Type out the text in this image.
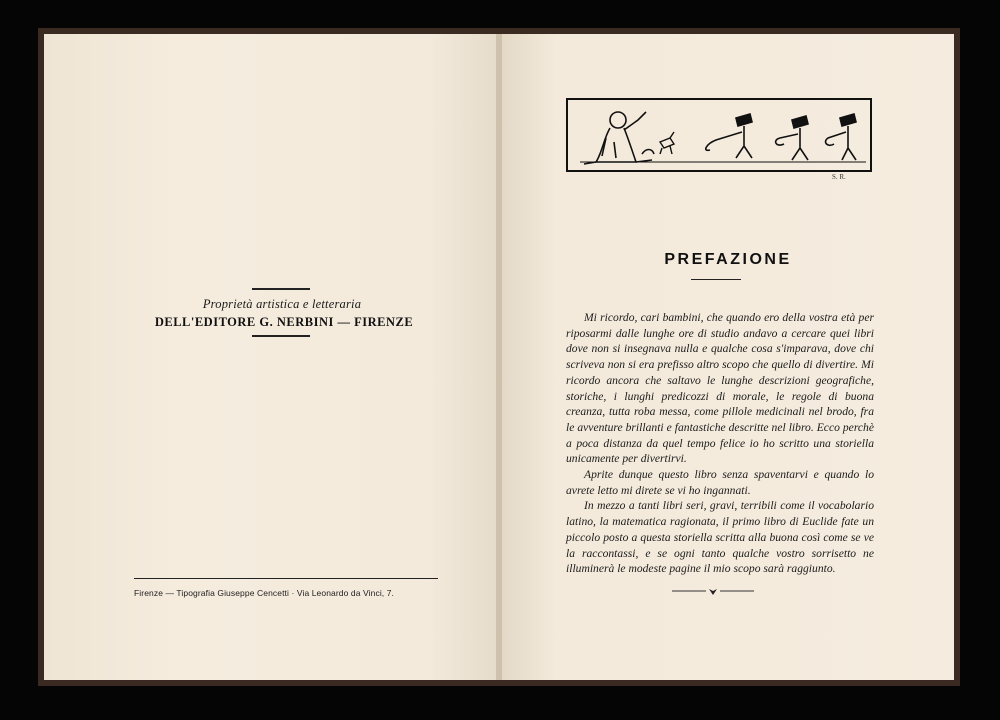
Proprietà artistica e letteraria
DELL'EDITORE G. NERBINI — FIRENZE
Firenze — Tipografia Giuseppe Cencetti · Via Leonardo da Vinci, 7.
S. R.
PREFAZIONE

Mi ricordo, cari bambini, che quando ero della vostra età per riposarmi dalle lunghe ore di studio andavo a cercare quei libri dove non si insegnava nulla e qualche cosa s'imparava, dove chi scriveva non si era prefisso altro scopo che quello di divertire. Mi ricordo ancora che saltavo le lunghe descrizioni geografiche, storiche, i lunghi predicozzi di morale, le regole di buona creanza, tutta roba messa, come pillole medicinali nel brodo, fra le avventure brillanti e fantastiche descritte nel libro. Ecco perchè a poca distanza da quel tempo felice io ho scritto una storiella unicamente per divertirvi.

Aprite dunque questo libro senza spaventarvi e quando lo avrete letto mi direte se vi ho ingannati.

In mezzo a tanti libri seri, gravi, terribili come il vocabolario latino, la matematica ragionata, il primo libro di Euclide fate un piccolo posto a questa storiella scritta alla buona così come se ve la raccontassi, e se ogni tanto qualche vostro sorrisetto ne illuminerà le modeste pagine il mio scopo sarà raggiunto.
